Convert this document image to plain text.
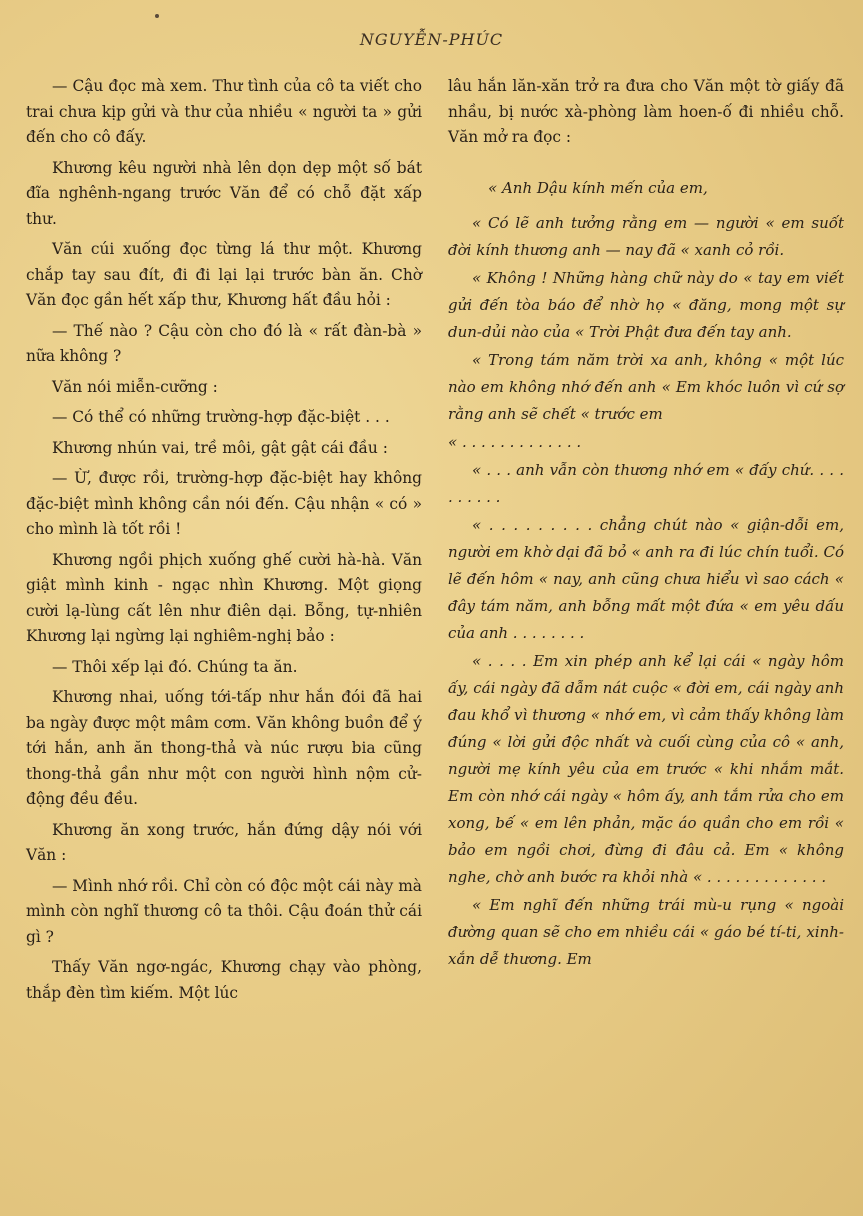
NGUYỄN-PHÚC

— Cậu đọc mà xem. Thư tình của cô ta viết cho trai chưa kịp gửi và thư của nhiều « người ta » gửi đến cho cô đấy.

Khương kêu người nhà lên dọn dẹp một số bát đĩa nghênh-ngang trước Văn để có chỗ đặt xấp thư.

Văn cúi xuống đọc từng lá thư một. Khương chắp tay sau đít, đi đi lại lại trước bàn ăn. Chờ Văn đọc gần hết xấp thư, Khương hất đầu hỏi :

— Thế nào ? Cậu còn cho đó là « rất đàn-bà » nữa không ?

Văn nói miễn-cưỡng :

— Có thể có những trường-hợp đặc-biệt . . .

Khương nhún vai, trề môi, gật gật cái đầu :

— Ừ, được rồi, trường-hợp đặc-biệt hay không đặc-biệt mình không cần nói đến. Cậu nhận « có » cho mình là tốt rồi !

Khương ngồi phịch xuống ghế cười hà-hà. Văn giật mình kinh - ngạc nhìn Khương. Một giọng cười lạ-lùng cất lên như điên dại. Bỗng, tự-nhiên Khương lại ngừng lại nghiêm-nghị bảo :

— Thôi xếp lại đó. Chúng ta ăn.

Khương nhai, uống tới-tấp như hắn đói đã hai ba ngày được một mâm cơm. Văn không buồn để ý tới hắn, anh ăn thong-thả và núc rượu bia cũng thong-thả gần như một con người hình nộm cử-động đều đều.

Khương ăn xong trước, hắn đứng dậy nói với Văn :

— Mình nhớ rồi. Chỉ còn có độc một cái này mà mình còn nghĩ thương cô ta thôi. Cậu đoán thử cái gì ?

Thấy Văn ngơ-ngác, Khương chạy vào phòng, thắp đèn tìm kiếm. Một lúc

lâu hắn lăn-xăn trở ra đưa cho Văn một tờ giấy đã nhầu, bị nước xà-phòng làm hoen-ố đi nhiều chỗ. Văn mở ra đọc :

« Anh Dậu kính mến của em,

« Có lẽ anh tưởng rằng em — người « em suốt đời kính thương anh — nay đã « xanh cỏ rồi.

« Không ! Những hàng chữ này do « tay em viết gửi đến tòa báo để nhờ họ « đăng, mong một sự dun-dủi nào của « Trời Phật đưa đến tay anh.

« Trong tám năm trời xa anh, không « một lúc nào em không nhớ đến anh « Em khóc luôn vì cứ sợ rằng anh sẽ chết « trước em

« . . . . . . . . . . . . .

« . . . anh vẫn còn thương nhớ em « đấy chứ. . . . . . . . . .

« . . . . . . . . . chẳng chút nào « giận-dỗi em, người em khờ dại đã bỏ « anh ra đi lúc chín tuổi. Có lẽ đến hôm « nay, anh cũng chưa hiểu vì sao cách « đây tám năm, anh bỗng mất một đứa « em yêu dấu của anh . . . . . . . .

« . . . . Em xin phép anh kể lại cái « ngày hôm ấy, cái ngày đã dẫm nát cuộc « đời em, cái ngày anh đau khổ vì thương « nhớ em, vì cảm thấy không làm đúng « lời gửi độc nhất và cuối cùng của cô « anh, người mẹ kính yêu của em trước « khi nhắm mắt. Em còn nhớ cái ngày « hôm ấy, anh tắm rửa cho em xong, bế « em lên phản, mặc áo quần cho em rồi « bảo em ngồi chơi, đừng đi đâu cả. Em « không nghe, chờ anh bước ra khỏi nhà « . . . . . . . . . . . . .

« Em nghĩ đến những trái mù-u rụng « ngoài đường quan sẽ cho em nhiều cái « gáo bé tí-ti, xinh-xắn dễ thương. Em
